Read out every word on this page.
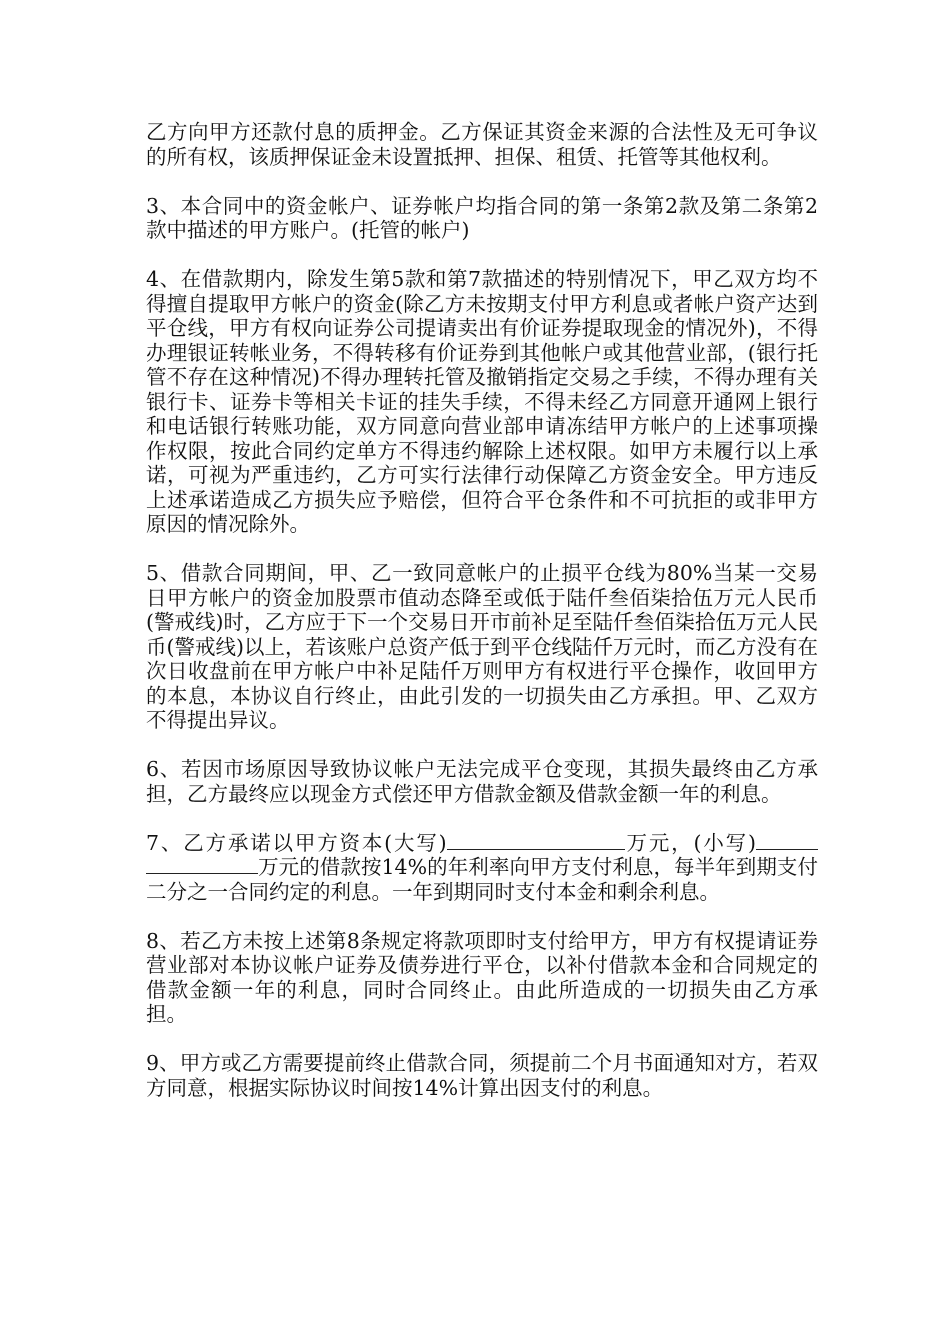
乙方向甲方还款付息的质押金。乙方保证其资金来源的合法性及无可争议的所有权，该质押保证金未设置抵押、担保、租赁、托管等其他权利。

3、本合同中的资金帐户、证券帐户均指合同的第一条第2款及第二条第2款中描述的甲方账户。(托管的帐户)

4、在借款期内，除发生第5款和第7款描述的特别情况下，甲乙双方均不得擅自提取甲方帐户的资金(除乙方未按期支付甲方利息或者帐户资产达到平仓线，甲方有权向证券公司提请卖出有价证券提取现金的情况外)，不得办理银证转帐业务，不得转移有价证券到其他帐户或其他营业部，(银行托管不存在这种情况)不得办理转托管及撤销指定交易之手续，不得办理有关银行卡、证券卡等相关卡证的挂失手续，不得未经乙方同意开通网上银行和电话银行转账功能，双方同意向营业部申请冻结甲方帐户的上述事项操作权限，按此合同约定单方不得违约解除上述权限。如甲方未履行以上承诺，可视为严重违约，乙方可实行法律行动保障乙方资金安全。甲方违反上述承诺造成乙方损失应予赔偿，但符合平仓条件和不可抗拒的或非甲方原因的情况除外。

5、借款合同期间，甲、乙一致同意帐户的止损平仓线为80%当某一交易日甲方帐户的资金加股票市值动态降至或低于陆仟叁佰柒拾伍万元人民币(警戒线)时，乙方应于下一个交易日开市前补足至陆仟叁佰柒拾伍万元人民币(警戒线)以上，若该账户总资产低于到平仓线陆仟万元时，而乙方没有在次日收盘前在甲方帐户中补足陆仟万则甲方有权进行平仓操作，收回甲方的本息，本协议自行终止，由此引发的一切损失由乙方承担。甲、乙双方不得提出异议。

6、若因市场原因导致协议帐户无法完成平仓变现，其损失最终由乙方承担，乙方最终应以现金方式偿还甲方借款金额及借款金额一年的利息。

7、乙方承诺以甲方资本(大写)	万元，(小写)万元的借款按14%的年利率向甲方支付利息，每半年到期支付二分之一合同约定的利息。一年到期同时支付本金和剩余利息。

8、若乙方未按上述第8条规定将款项即时支付给甲方，甲方有权提请证券营业部对本协议帐户证券及债券进行平仓，以补付借款本金和合同规定的借款金额一年的利息，同时合同终止。由此所造成的一切损失由乙方承担。

9、甲方或乙方需要提前终止借款合同，须提前二个月书面通知对方，若双方同意，根据实际协议时间按14%计算出因支付的利息。
